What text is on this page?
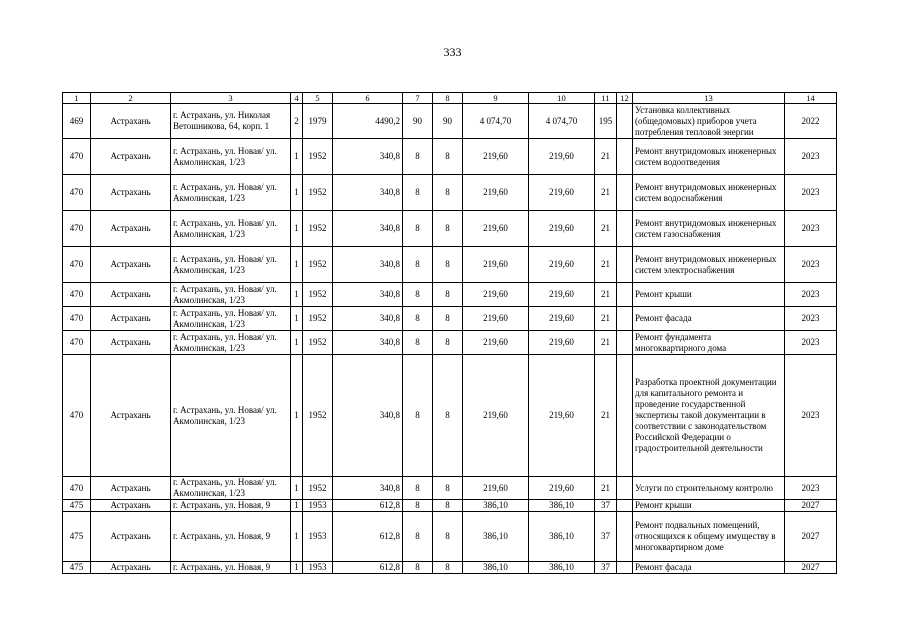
333
1	2	3	4	5	6	7	8	9	10	11	12	13	14
469	Астрахань	г. Астрахань, ул. Николая Ветошникова, 64, корп. 1	2	1979	4490,2	90	90	4 074,70	4 074,70	195		Установка коллективных (общедомовых) приборов учета потребления тепловой энергии	2022
470	Астрахань	г. Астрахань, ул. Новая/ ул. Акмолинская, 1/23	1	1952	340,8	8	8	219,60	219,60	21		Ремонт внутридомовых инженерных систем водоотведения	2023
470	Астрахань	г. Астрахань, ул. Новая/ ул. Акмолинская, 1/23	1	1952	340,8	8	8	219,60	219,60	21		Ремонт внутридомовых инженерных систем водоснабжения	2023
470	Астрахань	г. Астрахань, ул. Новая/ ул. Акмолинская, 1/23	1	1952	340,8	8	8	219,60	219,60	21		Ремонт внутридомовых инженерных систем газоснабжения	2023
470	Астрахань	г. Астрахань, ул. Новая/ ул. Акмолинская, 1/23	1	1952	340,8	8	8	219,60	219,60	21		Ремонт внутридомовых инженерных систем электроснабжения	2023
470	Астрахань	г. Астрахань, ул. Новая/ ул. Акмолинская, 1/23	1	1952	340,8	8	8	219,60	219,60	21		Ремонт крыши	2023
470	Астрахань	г. Астрахань, ул. Новая/ ул. Акмолинская, 1/23	1	1952	340,8	8	8	219,60	219,60	21		Ремонт фасада	2023
470	Астрахань	г. Астрахань, ул. Новая/ ул. Акмолинская, 1/23	1	1952	340,8	8	8	219,60	219,60	21		Ремонт фундамента многоквартирного дома	2023
470	Астрахань	г. Астрахань, ул. Новая/ ул. Акмолинская, 1/23	1	1952	340,8	8	8	219,60	219,60	21		Разработка проектной документации для капитального ремонта и проведение государственной экспертизы такой документации в соответствии с законодательством Российской Федерации о градостроительной деятельности	2023
470	Астрахань	г. Астрахань, ул. Новая/ ул. Акмолинская, 1/23	1	1952	340,8	8	8	219,60	219,60	21		Услуги по строительному контролю	2023
475	Астрахань	г. Астрахань, ул. Новая, 9	1	1953	612,8	8	8	386,10	386,10	37		Ремонт крыши	2027
475	Астрахань	г. Астрахань, ул. Новая, 9	1	1953	612,8	8	8	386,10	386,10	37		Ремонт подвальных помещений, относящихся к общему имуществу в многоквартирном доме	2027
475	Астрахань	г. Астрахань, ул. Новая, 9	1	1953	612,8	8	8	386,10	386,10	37		Ремонт фасада	2027
